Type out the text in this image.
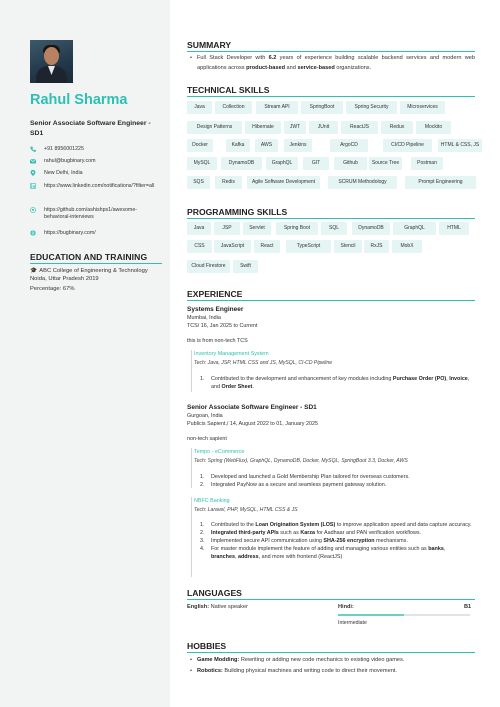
Rahul Sharma
Senior Associate Software Engineer - SD1
+91 8956001225
rahul@bugbinary.com
New Delhi, India
https://www.linkedin.com/notifications/?filter=all
https://github.com/ashishps1/awesome-behavioral-interviews
https://bugbinary.com/
EDUCATION AND TRAINING
🎓 ABC College of Engineering & Technology
Noida, Uttar Pradesh 2019
Percentage: 67%
SUMMARY
• Full Stack Developer with 6.2 years of experience building scalable backend services and modern web applications across product-based and service-based organizations.
TECHNICAL SKILLS
Java	Collection	Stream API	SpringBoot	Spring Security	Microservices
Design Patterns	Hibernate	JWT	JUnit	ReactJS	Redux	Mockito
Docker	Kafka	AWS	Jenkins	ArgoCD	CI/CD Pipeline	HTML & CSS, JS
MySQL	DynamoDB	GraphQL	GIT	Github	Source Tree	Postman
SQS	Redis	Agile Software Development	SCRUM Methodology	Prompt Engineering
PROGRAMMING SKILLS
Java	JSP	Servlet	Spring Boot	SQL	DynamoDB	GraphQL	HTML
CSS	JavaScript	React	TypeScript	Stencil	RxJS	MobX
Cloud Firestore	Swift
EXPERIENCE
Systems Engineer
Mumbai, India
TCS/ 16, Jan 2025 to Current
this is from non-tech TCS
Inventory Management System
Tech: Java, JSP, HTML CSS and JS, MySQL, CI-CD Pipeline
1. Contributed to the development and enhancement of key modules including Purchase Order (PO), Invoice, and Order Sheet.
Senior Associate Software Engineer - SD1
Gurgoan, India
Publicis Sapient,/ 14, August 2022 to 01, January 2025
non-tech sapient
Tempo - eCommerce
Tech: Spring (WebFlux), GraphQL, DynamoDB, Docker, MySQL, SpringBoot 3.3, Docker, AWS
1. Developed and launched a Gold Membership Plan tailored for overseas customers.
2. Integrated PayNow as a secure and seamless payment gateway solution.
NBFC Banking
Tech: Laravel, PHP, MySQL, HTML CSS & JS
1. Contributed to the Loan Origination System (LOS) to improve application speed and data capture accuracy.
2. Integrated third-party APIs such as Karza for Aadhaar and PAN verification workflows.
3. Implemented secure API communication using SHA-256 encryption mechanisms.
4. For master module implement the feature of adding and managing various entities such as banks, branches, address, and more with frontend (ReactJS)
LANGUAGES
English: Native speaker	Hindi:	B1
Intermediate
HOBBIES
• Game Modding: Rewriting or adding new code mechanics to existing video games.
• Robotics: Building physical machines and writing code to direct their movement.
